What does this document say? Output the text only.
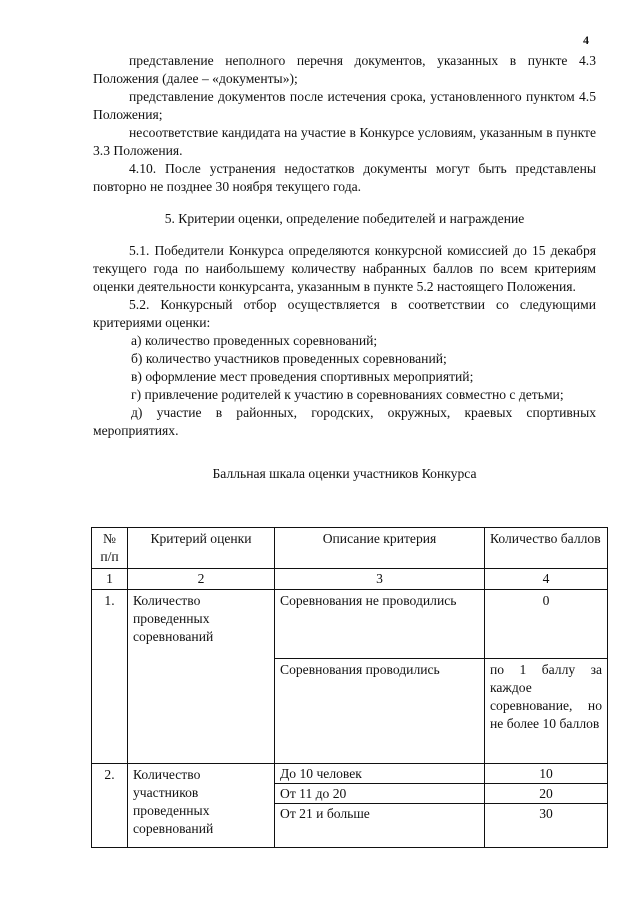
4

представление неполного перечня документов, указанных в пункте 4.3 Положения (далее – «документы»);

представление документов после истечения срока, установленного пунктом 4.5 Положения;

несоответствие кандидата на участие в Конкурсе условиям, указанным в пункте 3.3 Положения.

4.10. После устранения недостатков документы могут быть представлены повторно не позднее 30 ноября текущего года.

5. Критерии оценки, определение победителей и награждение

5.1. Победители Конкурса определяются конкурсной комиссией до 15 декабря текущего года по наибольшему количеству набранных баллов по всем критериям оценки деятельности конкурсанта, указанным в пункте 5.2 настоящего Положения.

5.2. Конкурсный отбор осуществляется в соответствии со следующими критериями оценки:

а) количество проведенных соревнований;

б) количество участников проведенных соревнований;

в) оформление мест проведения спортивных мероприятий;

г) привлечение родителей к участию в соревнованиях совместно с детьми;

д) участие в районных, городских, окружных, краевых спортивных мероприятиях.

Балльная шкала оценки участников Конкурса

№ п/п	Критерий оценки	Описание критерия	Количество баллов
1	2	3	4
1.	Количество проведенных соревнований	Соревнования не проводились	0
		Соревнования проводились	по 1 баллу за каждое соревнование, но не более 10 баллов
2.	Количество участников проведенных соревнований	До 10 человек	10
		От 11 до 20	20
		От 21 и больше	30
